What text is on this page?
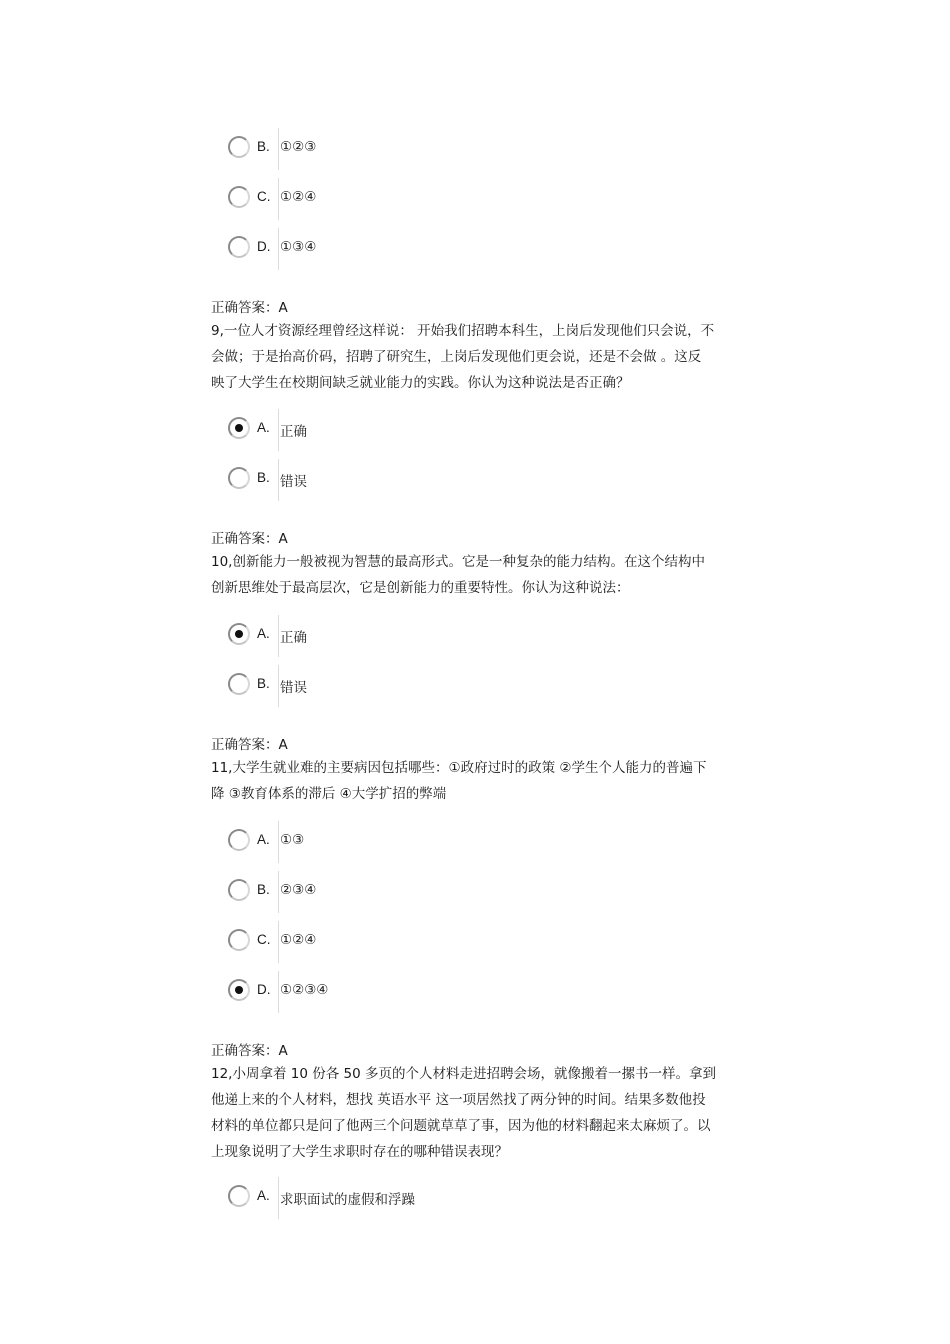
B. ①②③
C. ①②④
D. ①③④
正确答案：A
9,一位人才资源经理曾经这样说： 开始我们招聘本科生，上岗后发现他们只会说，不
会做；于是抬高价码，招聘了研究生，上岗后发现他们更会说，还是不会做 。这反
映了大学生在校期间缺乏就业能力的实践。你认为这种说法是否正确？
A. 正确
B. 错误
正确答案：A
10,创新能力一般被视为智慧的最高形式。它是一种复杂的能力结构。在这个结构中
创新思维处于最高层次，它是创新能力的重要特性。你认为这种说法：
A. 正确
B. 错误
正确答案：A
11,大学生就业难的主要病因包括哪些：①政府过时的政策 ②学生个人能力的普遍下
降 ③教育体系的滞后 ④大学扩招的弊端
A. ①③
B. ②③④
C. ①②④
D. ①②③④
正确答案：A
12,小周拿着 10 份各 50 多页的个人材料走进招聘会场，就像搬着一摞书一样。拿到
他递上来的个人材料，想找 英语水平 这一项居然找了两分钟的时间。结果多数他投
材料的单位都只是问了他两三个问题就草草了事，因为他的材料翻起来太麻烦了。以
上现象说明了大学生求职时存在的哪种错误表现？
A. 求职面试的虚假和浮躁
